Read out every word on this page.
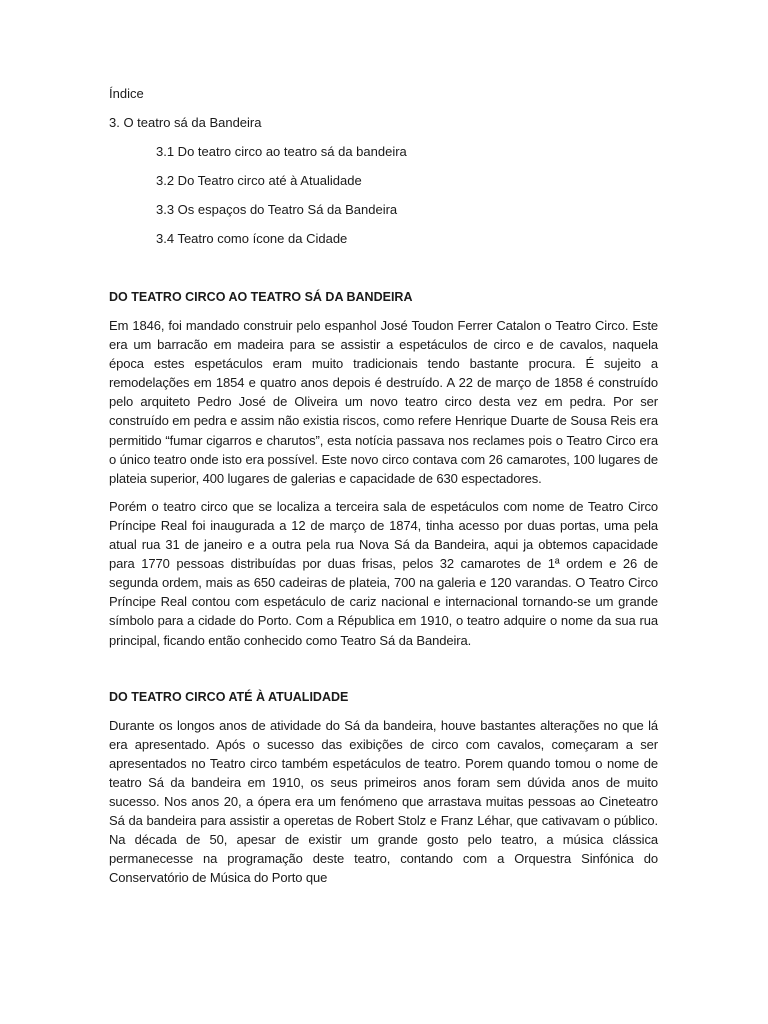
Índice

3. O teatro sá da Bandeira

3.1 Do teatro circo ao teatro sá da bandeira
3.2 Do Teatro circo até à Atualidade
3.3 Os espaços do Teatro Sá da Bandeira
3.4 Teatro como ícone da Cidade
DO TEATRO CIRCO AO TEATRO SÁ DA BANDEIRA

Em 1846, foi mandado construir pelo espanhol José Toudon Ferrer Catalon o Teatro Circo. Este era um barracão em madeira para se assistir a espetáculos de circo e de cavalos, naquela época estes espetáculos eram muito tradicionais tendo bastante procura. É sujeito a remodelações em 1854 e quatro anos depois é destruído. A 22 de março de 1858 é construído pelo arquiteto Pedro José de Oliveira um novo teatro circo desta vez em pedra. Por ser construído em pedra e assim não existia riscos, como refere Henrique Duarte de Sousa Reis era permitido “fumar cigarros e charutos”, esta notícia passava nos reclames pois o Teatro Circo era o único teatro onde isto era possível. Este novo circo contava com 26 camarotes, 100 lugares de plateia superior, 400 lugares de galerias e capacidade de 630 espectadores.

Porém o teatro circo que se localiza a terceira sala de espetáculos com nome de Teatro Circo Príncipe Real foi inaugurada a 12 de março de 1874, tinha acesso por duas portas, uma pela atual rua 31 de janeiro e a outra pela rua Nova Sá da Bandeira, aqui ja obtemos capacidade para 1770 pessoas distribuídas por duas frisas, pelos 32 camarotes de 1ª ordem e 26 de segunda ordem, mais as 650 cadeiras de plateia, 700 na galeria e 120 varandas. O Teatro Circo Príncipe Real contou com espetáculo de cariz nacional e internacional tornando-se um grande símbolo para a cidade do Porto. Com a Républica em 1910, o teatro adquire o nome da sua rua principal, ficando então conhecido como Teatro Sá da Bandeira.

DO TEATRO CIRCO ATÉ À ATUALIDADE

Durante os longos anos de atividade do Sá da bandeira, houve bastantes alterações no que lá era apresentado. Após o sucesso das exibições de circo com cavalos, começaram a ser apresentados no Teatro circo também espetáculos de teatro. Porem quando tomou o nome de teatro Sá da bandeira em 1910, os seus primeiros anos foram sem dúvida anos de muito sucesso. Nos anos 20, a ópera era um fenómeno que arrastava muitas pessoas ao Cineteatro Sá da bandeira para assistir a operetas de Robert Stolz e Franz Léhar, que cativavam o público. Na década de 50, apesar de existir um grande gosto pelo teatro, a música clássica permanecesse na programação deste teatro, contando com a Orquestra Sinfónica do Conservatório de Música do Porto que
